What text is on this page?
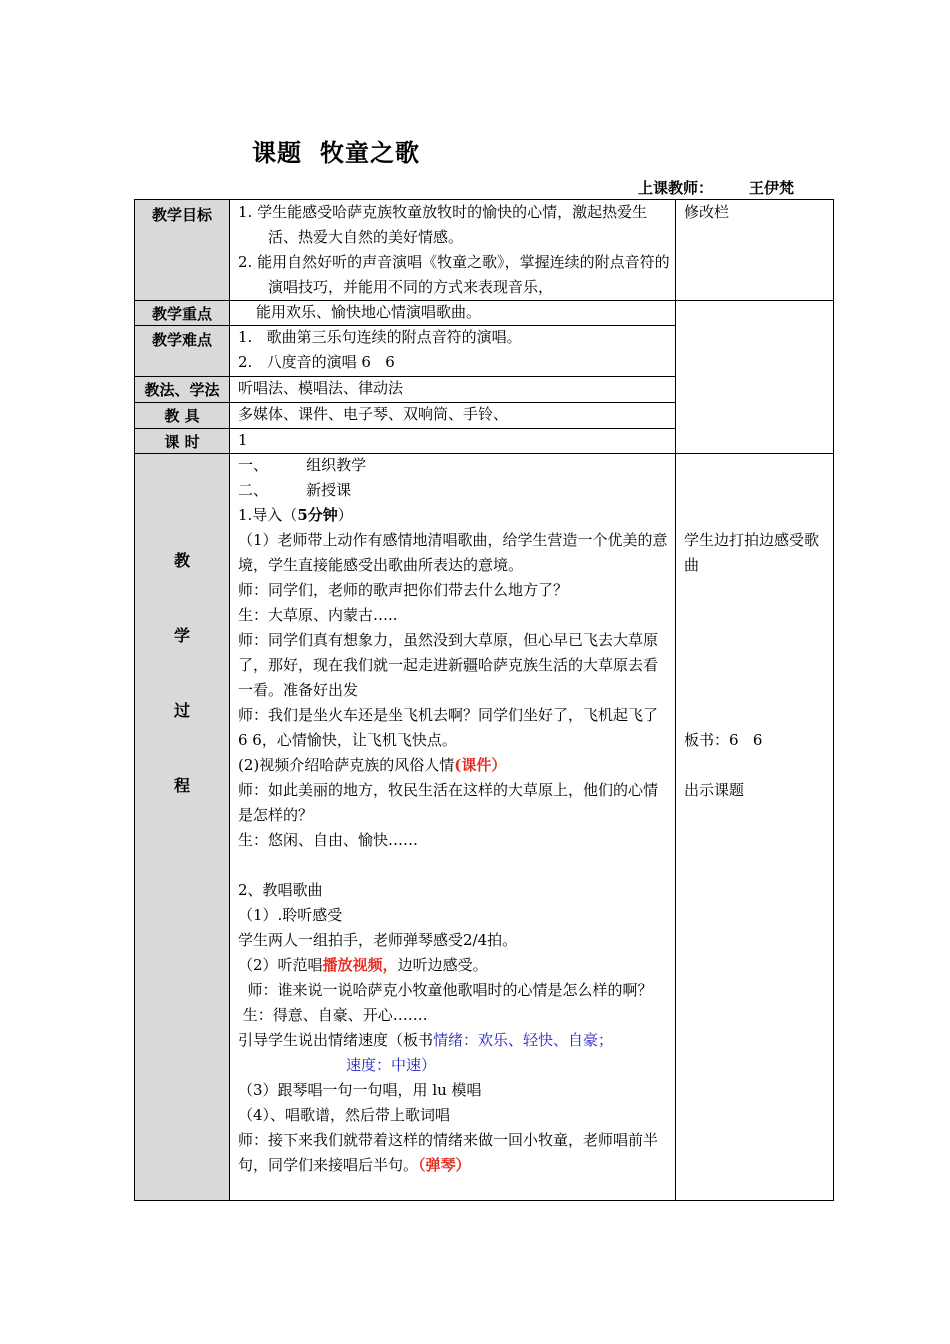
课题 牧童之歌
上课教师： 王伊梵
教学目标
教学重点
教学难点
教法、学法
教 具
课 时
教
学
过
程
1. 学生能感受哈萨克族牧童放牧时的愉快的心情，激起热爱生活、热爱大自然的美好情感。
2. 能用自然好听的声音演唱《牧童之歌》，掌握连续的附点音符的演唱技巧，并能用不同的方式来表现音乐，
修改栏
能用欢乐、愉快地心情演唱歌曲。
1.   歌曲第三乐句连续的附点音符的演唱。
2.   八度音的演唱 6   6
听唱法、模唱法、律动法
多媒体、课件、电子琴、双响筒、手铃、
1
一、        组织教学
二、        新授课
1.导入（5分钟）
（1）老师带上动作有感情地清唱歌曲，给学生营造一个优美的意境，学生直接能感受出歌曲所表达的意境。
师：同学们，老师的歌声把你们带去什么地方了？
生：大草原、内蒙古…..
师：同学们真有想象力，虽然没到大草原，但心早已飞去大草原了，那好，现在我们就一起走进新疆哈萨克族生活的大草原去看一看。准备好出发
师：我们是坐火车还是坐飞机去啊？同学们坐好了，飞机起飞了 6 6，心情愉快，让飞机飞快点。
(2)视频介绍哈萨克族的风俗人情(课件）
师：如此美丽的地方，牧民生活在这样的大草原上，他们的心情是怎样的？
生：悠闲、自由、愉快……
2、教唱歌曲
（1）.聆听感受
学生两人一组拍手，老师弹琴感受2/4拍。
（2）听范唱播放视频，边听边感受。
师：谁来说一说哈萨克小牧童他歌唱时的心情是怎么样的啊？
生：得意、自豪、开心…….
引导学生说出情绪速度（板书情绪：欢乐、轻快、自豪；
速度：中速）
（3）跟琴唱一句一句唱，用 lu 模唱
（4）、唱歌谱，然后带上歌词唱
师：接下来我们就带着这样的情绪来做一回小牧童，老师唱前半句，同学们来接唱后半句。（弹琴）
学生边打拍边感受歌曲
板书：6   6
出示课题
